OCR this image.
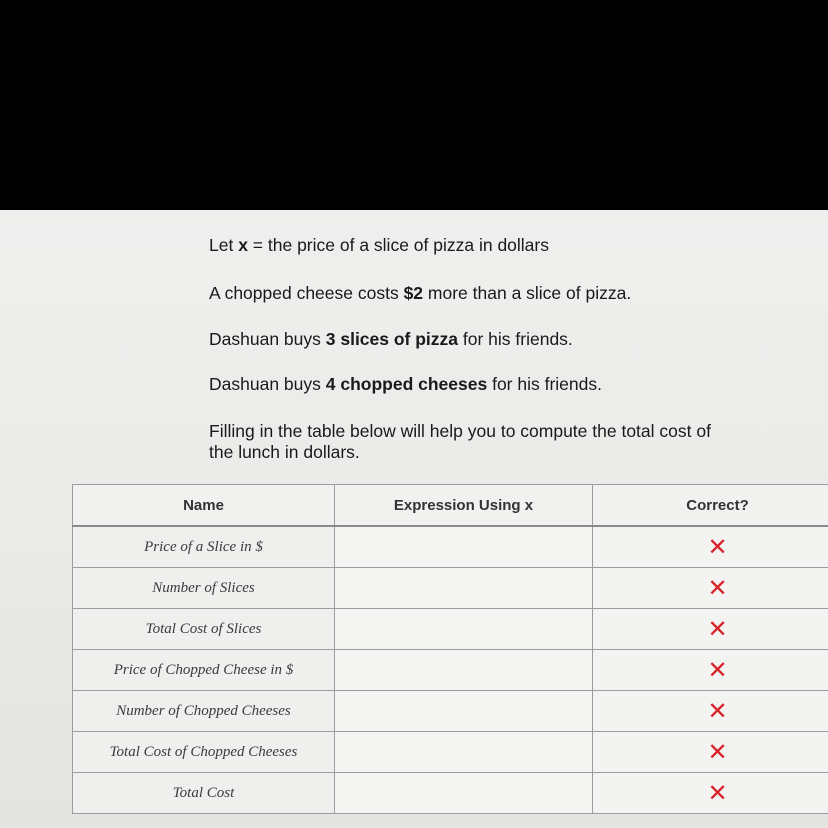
Let x = the price of a slice of pizza in dollars
A chopped cheese costs $2 more than a slice of pizza.
Dashuan buys 3 slices of pizza for his friends.
Dashuan buys 4 chopped cheeses for his friends.
Filling in the table below will help you to compute the total cost of the lunch in dollars.
Name	Expression Using x	Correct?
Price of a Slice in $		✕
Number of Slices		✕
Total Cost of Slices		✕
Price of Chopped Cheese in $		✕
Number of Chopped Cheeses		✕
Total Cost of Chopped Cheeses		✕
Total Cost		✕
